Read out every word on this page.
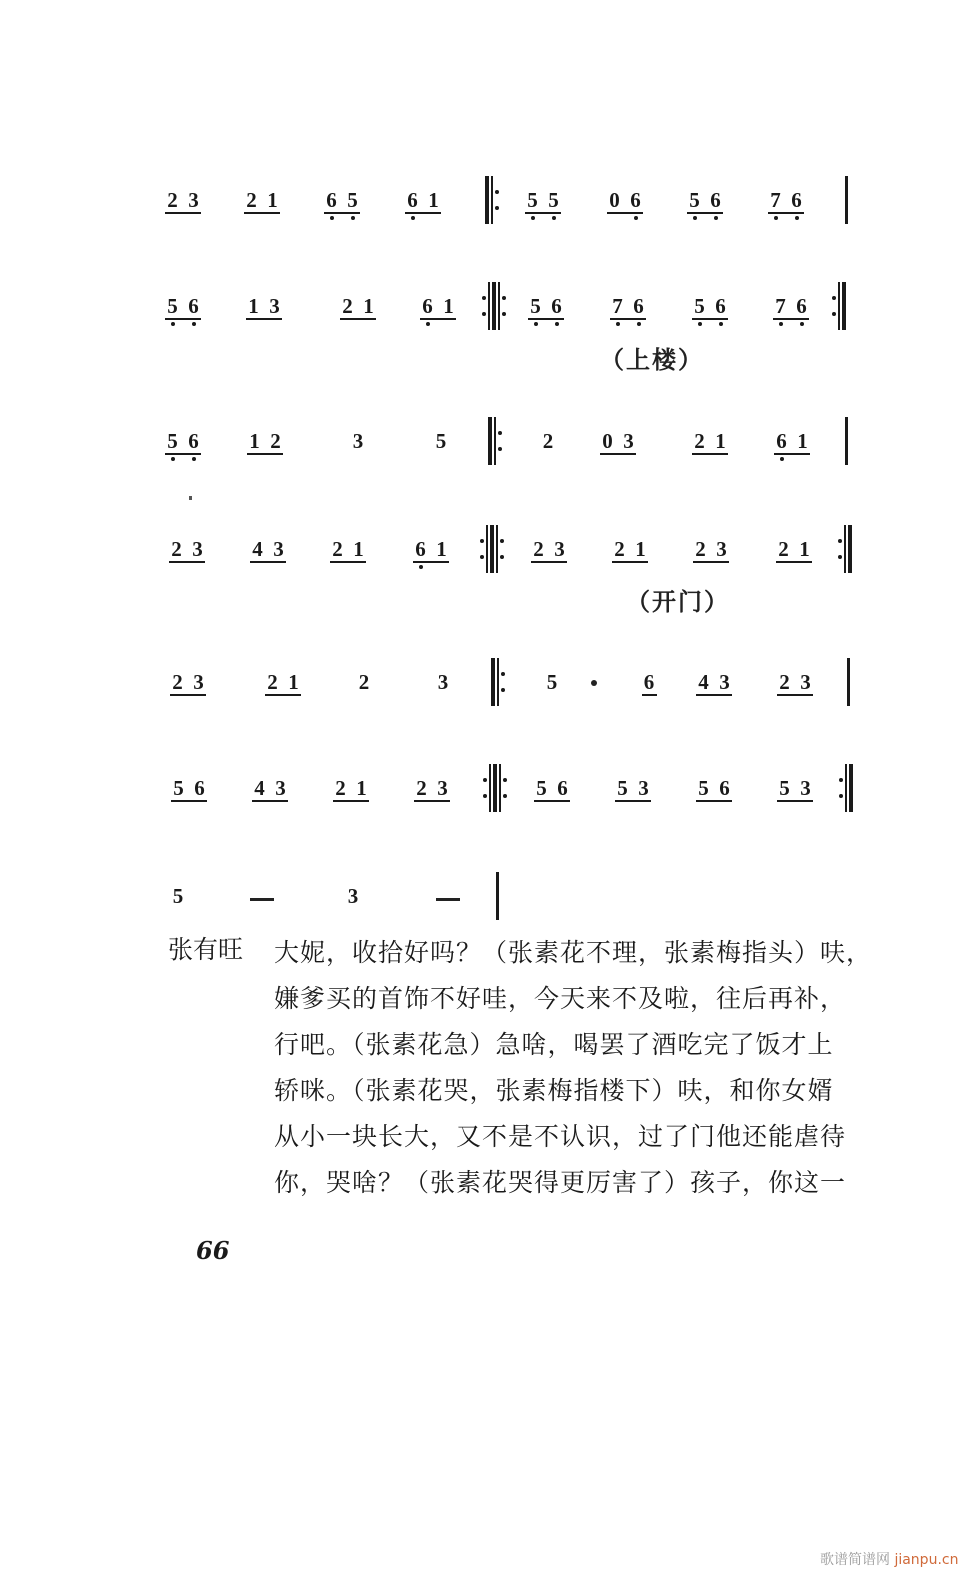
2 3 2 1 6 5 6 1	5 5 0 6 5 6 7 6
5 6 1 3	2 1 6 1	5 6 7 6 5 6 7 6
5 6 1 2	3	5	2 0 3	2 1 6 1
2 3 4 3 2 1 6 1	2 3 2 1 2 3 2 1
2 3	2 1	2	3	5	6 4 3 2 3
5 6 4 3 2 1 2 3	5 6 5 3 5 6 5 3
5	3
（上楼）
（开门）
张有旺 大妮，收拾好吗？（张素花不理，张素梅指头）呋，
嫌爹买的首饰不好哇，今天来不及啦，往后再补，
行吧。（张素花急）急啥，喝罢了酒吃完了饭才上
轿咪。（张素花哭，张素梅指楼下）呋，和你女婿
从小一块长大，又不是不认识，过了门他还能虐待
你，哭啥？（张素花哭得更厉害了）孩子，你这一
66
歌谱简谱网 jianpu.cn
